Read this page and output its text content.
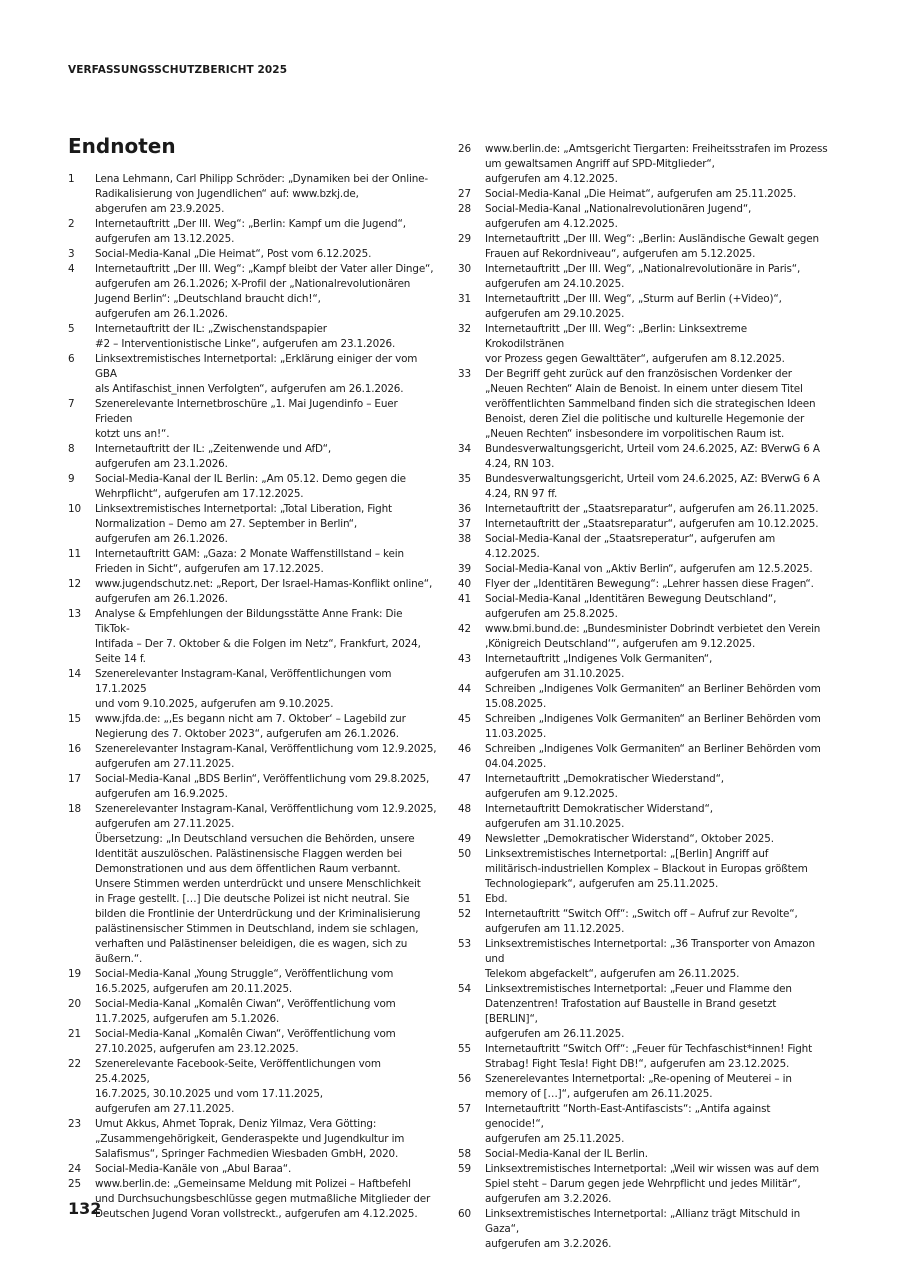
VERFASSUNGSSCHUTZBERICHT 2025
Endnoten
1	Lena Lehmann, Carl Philipp Schröder: „Dynamiken bei der Online-
Radikalisierung von Jugendlichen“ auf: www.bzkj.de,
abgerufen am 23.9.2025.
2	Internetauftritt „Der III. Weg“: „Berlin: Kampf um die Jugend“,
aufgerufen am 13.12.2025.
3	Social-Media-Kanal „Die Heimat“, Post vom 6.12.2025.
4	Internetauftritt „Der III. Weg“: „Kampf bleibt der Vater aller Dinge“,
aufgerufen am 26.1.2026; X-Profil der „Nationalrevolutionären
Jugend Berlin“: „Deutschland braucht dich!“,
aufgerufen am 26.1.2026.
5	Internetauftritt der IL: „Zwischenstandspapier
#2 – Interventionistische Linke“, aufgerufen am 23.1.2026.
6	Linksextremistisches Internetportal: „Erklärung einiger der vom GBA
als Antifaschist_innen Verfolgten“, aufgerufen am 26.1.2026.
7	Szenerelevante Internetbroschüre „1. Mai Jugendinfo – Euer Frieden
kotzt uns an!“.
8	Internetauftritt der IL: „Zeitenwende und AfD“,
aufgerufen am 23.1.2026.
9	Social-Media-Kanal der IL Berlin: „Am 05.12. Demo gegen die
Wehrpflicht“, aufgerufen am 17.12.2025.
10	Linksextremistisches Internetportal: „Total Liberation, Fight
Normalization – Demo am 27. September in Berlin“,
aufgerufen am 26.1.2026.
11	Internetauftritt GAM: „Gaza: 2 Monate Waffenstillstand – kein
Frieden in Sicht“, aufgerufen am 17.12.2025.
12	www.jugendschutz.net: „Report, Der Israel-Hamas-Konflikt online“,
aufgerufen am 26.1.2026.
13	Analyse & Empfehlungen der Bildungsstätte Anne Frank: Die TikTok-
Intifada – Der 7. Oktober & die Folgen im Netz“, Frankfurt, 2024,
Seite 14 f.
14	Szenerelevanter Instagram-Kanal, Veröffentlichungen vom 17.1.2025
und vom 9.10.2025, aufgerufen am 9.10.2025.
15	www.jfda.de: „‚Es begann nicht am 7. Oktober‘ – Lagebild zur
Negierung des 7. Oktober 2023“, aufgerufen am 26.1.2026.
16	Szenerelevanter Instagram-Kanal, Veröffentlichung vom 12.9.2025,
aufgerufen am 27.11.2025.
17	Social-Media-Kanal „BDS Berlin“, Veröffentlichung vom 29.8.2025,
aufgerufen am 16.9.2025.
18	Szenerelevanter Instagram-Kanal, Veröffentlichung vom 12.9.2025,
aufgerufen am 27.11.2025.
Übersetzung: „In Deutschland versuchen die Behörden, unsere
Identität auszulöschen. Palästinensische Flaggen werden bei
Demonstrationen und aus dem öffentlichen Raum verbannt.
Unsere Stimmen werden unterdrückt und unsere Menschlichkeit
in Frage gestellt. […] Die deutsche Polizei ist nicht neutral. Sie
bilden die Frontlinie der Unterdrückung und der Kriminalisierung
palästinensischer Stimmen in Deutschland, indem sie schlagen,
verhaften und Palästinenser beleidigen, die es wagen, sich zu
äußern.“.
19	Social-Media-Kanal „Young Struggle“, Veröffentlichung vom
16.5.2025, aufgerufen am 20.11.2025.
20	Social-Media-Kanal „Komalên Ciwan“, Veröffentlichung vom
11.7.2025, aufgerufen am 5.1.2026.
21	Social-Media-Kanal „Komalên Ciwan“, Veröffentlichung vom
27.10.2025, aufgerufen am 23.12.2025.
22	Szenerelevante Facebook-Seite, Veröffentlichungen vom 25.4.2025,
16.7.2025, 30.10.2025 und vom 17.11.2025,
aufgerufen am 27.11.2025.
23	Umut Akkus, Ahmet Toprak, Deniz Yilmaz, Vera Götting:
„Zusammengehörigkeit, Genderaspekte und Jugendkultur im
Salafismus“, Springer Fachmedien Wiesbaden GmbH, 2020.
24	Social-Media-Kanäle von „Abul Baraa“.
25	www.berlin.de: „Gemeinsame Meldung mit Polizei – Haftbefehl
und Durchsuchungsbeschlüsse gegen mutmaßliche Mitglieder der
Deutschen Jugend Voran vollstreckt., aufgerufen am 4.12.2025.
26	www.berlin.de: „Amtsgericht Tiergarten: Freiheitsstrafen im Prozess
um gewaltsamen Angriff auf SPD-Mitglieder“,
aufgerufen am 4.12.2025.
27	Social-Media-Kanal „Die Heimat“, aufgerufen am 25.11.2025.
28	Social-Media-Kanal „Nationalrevolutionären Jugend“,
aufgerufen am 4.12.2025.
29	Internetauftritt „Der III. Weg“: „Berlin: Ausländische Gewalt gegen
Frauen auf Rekordniveau“, aufgerufen am 5.12.2025.
30	Internetauftritt „Der III. Weg“, „Nationalrevolutionäre in Paris“,
aufgerufen am 24.10.2025.
31	Internetauftritt „Der III. Weg“, „Sturm auf Berlin (+Video)“,
aufgerufen am 29.10.2025.
32	Internetauftritt „Der III. Weg“: „Berlin: Linksextreme Krokodilstränen
vor Prozess gegen Gewalttäter“, aufgerufen am 8.12.2025.
33	Der Begriff geht zurück auf den französischen Vordenker der
„Neuen Rechten“ Alain de Benoist. In einem unter diesem Titel
veröffentlichten Sammelband finden sich die strategischen Ideen
Benoist, deren Ziel die politische und kulturelle Hegemonie der
„Neuen Rechten“ insbesondere im vorpolitischen Raum ist.
34	Bundesverwaltungsgericht, Urteil vom 24.6.2025, AZ: BVerwG 6 A
4.24, RN 103.
35	Bundesverwaltungsgericht, Urteil vom 24.6.2025, AZ: BVerwG 6 A
4.24, RN 97 ff.
36	Internetauftritt der „Staatsreparatur“, aufgerufen am 26.11.2025.
37	Internetauftritt der „Staatsreparatur“, aufgerufen am 10.12.2025.
38	Social-Media-Kanal der „Staatsreperatur“, aufgerufen am 4.12.2025.
39	Social-Media-Kanal von „Aktiv Berlin“, aufgerufen am 12.5.2025.
40	Flyer der „Identitären Bewegung“: „Lehrer hassen diese Fragen“.
41	Social-Media-Kanal „Identitären Bewegung Deutschland“,
aufgerufen am 25.8.2025.
42	www.bmi.bund.de: „Bundesminister Dobrindt verbietet den Verein
‚Königreich Deutschland‘“, aufgerufen am 9.12.2025.
43	Internetauftritt „Indigenes Volk Germaniten“,
aufgerufen am 31.10.2025.
44	Schreiben „Indigenes Volk Germaniten“ an Berliner Behörden vom
15.08.2025.
45	Schreiben „Indigenes Volk Germaniten“ an Berliner Behörden vom
11.03.2025.
46	Schreiben „Indigenes Volk Germaniten“ an Berliner Behörden vom
04.04.2025.
47	Internetauftritt „Demokratischer Wiederstand“,
aufgerufen am 9.12.2025.
48	Internetauftritt Demokratischer Widerstand“,
aufgerufen am 31.10.2025.
49	Newsletter „Demokratischer Widerstand“, Oktober 2025.
50	Linksextremistisches Internetportal: „[Berlin] Angriff auf
militärisch-industriellen Komplex – Blackout in Europas größtem
Technologiepark“, aufgerufen am 25.11.2025.
51	Ebd.
52	Internetauftritt “Switch Off“: „Switch off – Aufruf zur Revolte“,
aufgerufen am 11.12.2025.
53	Linksextremistisches Internetportal: „36 Transporter von Amazon und
Telekom abgefackelt“, aufgerufen am 26.11.2025.
54	Linksextremistisches Internetportal: „Feuer und Flamme den
Datenzentren! Trafostation auf Baustelle in Brand gesetzt [BERLIN]“,
aufgerufen am 26.11.2025.
55	Internetauftritt “Switch Off“: „Feuer für Techfaschist*innen! Fight
Strabag! Fight Tesla! Fight DB!“, aufgerufen am 23.12.2025.
56	Szenerelevantes Internetportal: „Re-opening of Meuterei – in
memory of […]“, aufgerufen am 26.11.2025.
57	Internetauftritt “North-East-Antifascists“: „Antifa against genocide!“,
aufgerufen am 25.11.2025.
58	Social-Media-Kanal der IL Berlin.
59	Linksextremistisches Internetportal: „Weil wir wissen was auf dem
Spiel steht – Darum gegen jede Wehrpflicht und jedes Militär“,
aufgerufen am 3.2.2026.
60	Linksextremistisches Internetportal: „Allianz trägt Mitschuld in Gaza“,
aufgerufen am 3.2.2026.
132
